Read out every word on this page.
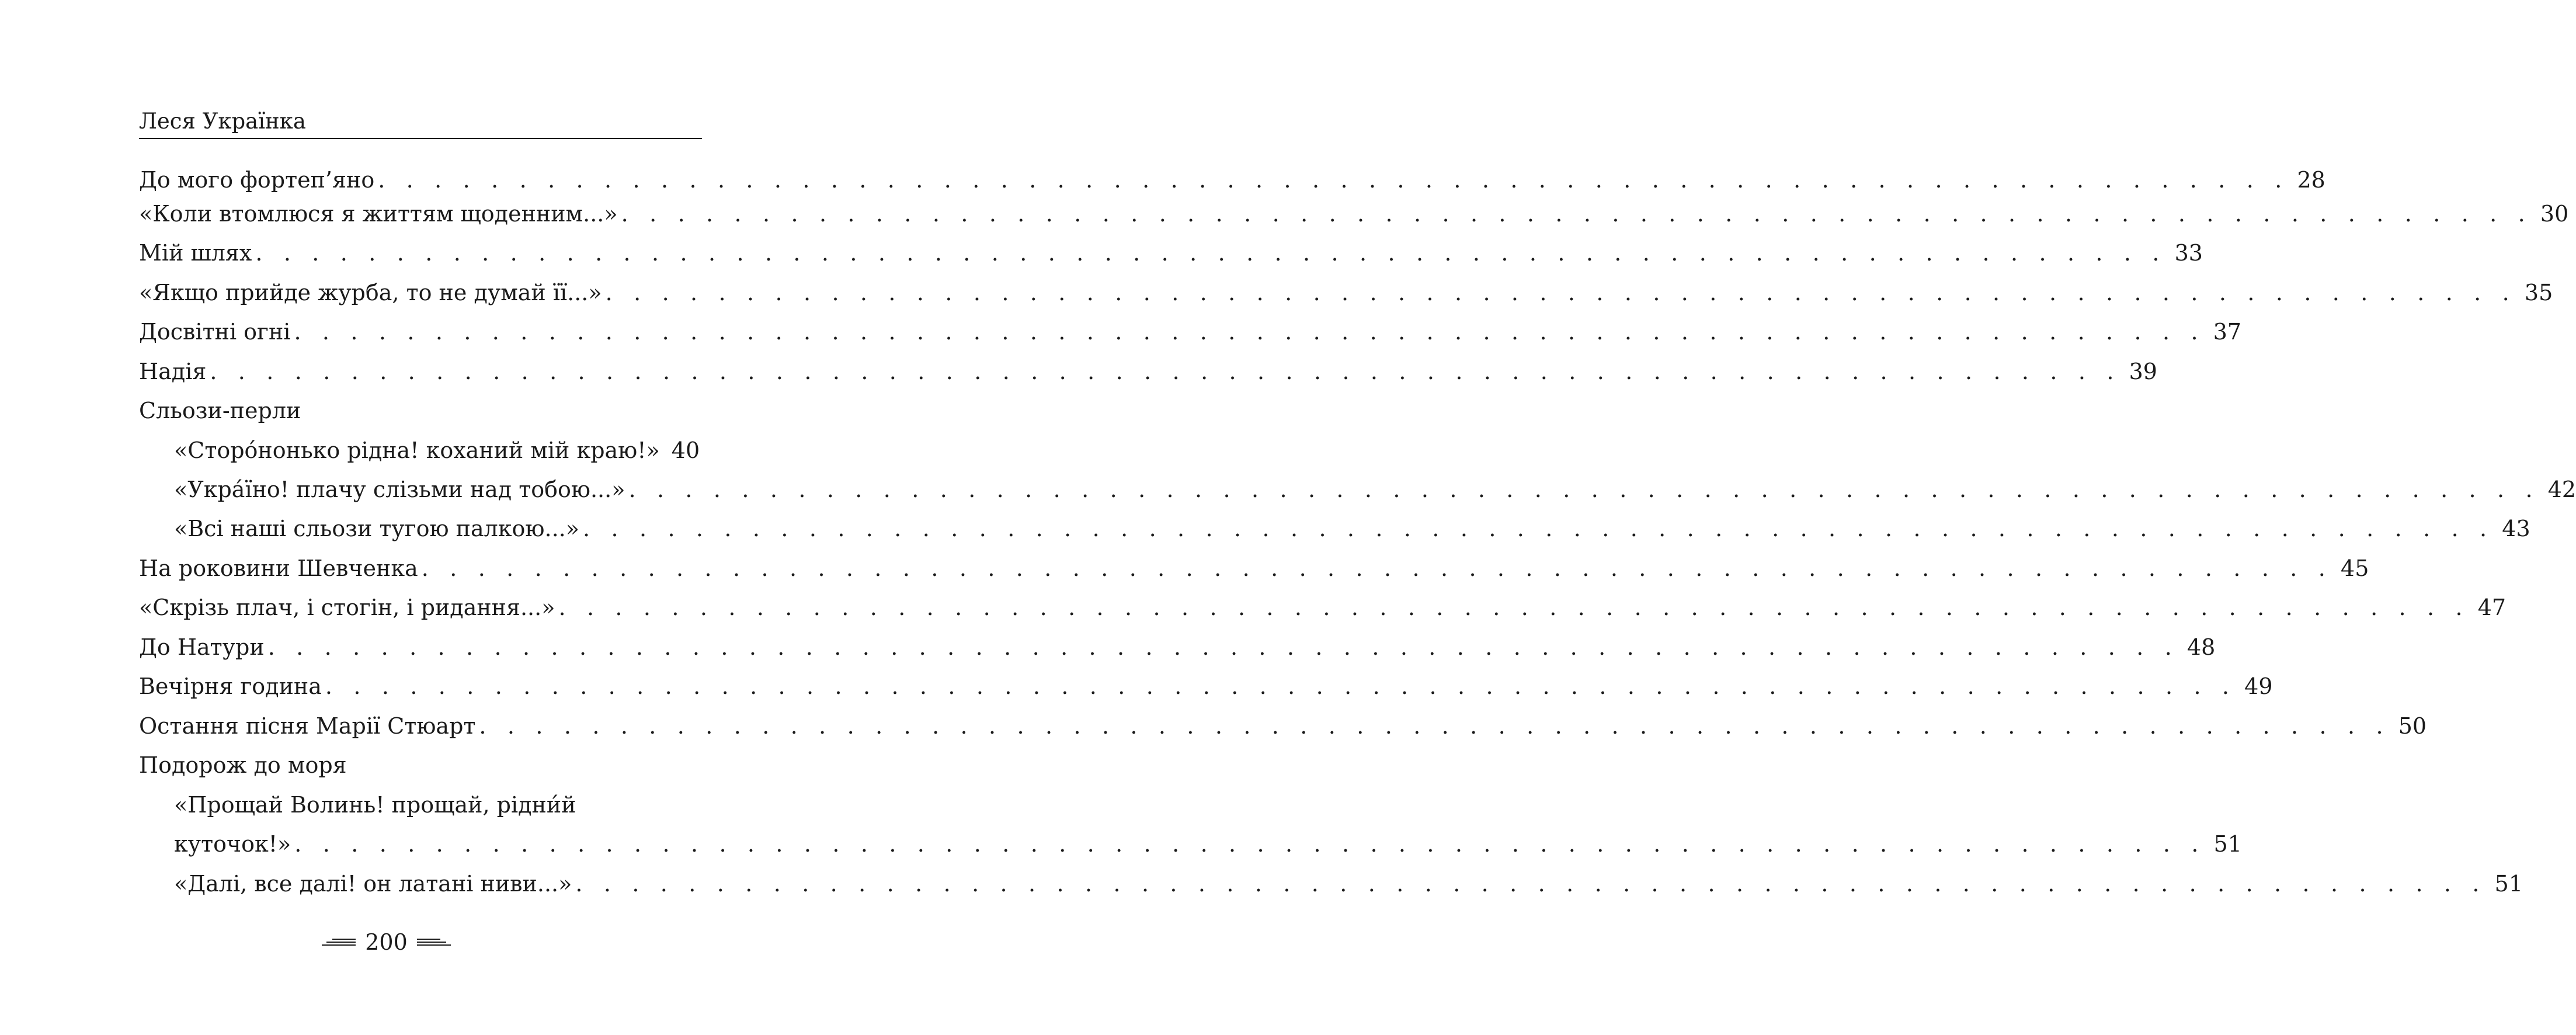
Леся Українка
До мого фортеп’яно . . . . . . . . . . . . . . . . . . . . . . . . . . . . . . . . . . . . . . . . . . . . . . . . . . . . . . . . . . . . . . . . . . . . 28
«Коли втомлюся я життям щоденним...» . . . . . . . . . . . . . . . . . . . . . . . . . . . . . . . . . . . . . . . . . . . . . . . . . . . . . . . . . . . . . . . . . . . . 30
Мій шлях . . . . . . . . . . . . . . . . . . . . . . . . . . . . . . . . . . . . . . . . . . . . . . . . . . . . . . . . . . . . . . . . . . . . 33
«Якщо прийде журба, то не думай її...» . . . . . . . . . . . . . . . . . . . . . . . . . . . . . . . . . . . . . . . . . . . . . . . . . . . . . . . . . . . . . . . . . . . . 35
Досвітні огні . . . . . . . . . . . . . . . . . . . . . . . . . . . . . . . . . . . . . . . . . . . . . . . . . . . . . . . . . . . . . . . . . . . . 37
Надія . . . . . . . . . . . . . . . . . . . . . . . . . . . . . . . . . . . . . . . . . . . . . . . . . . . . . . . . . . . . . . . . . . . . 39
Сльози-перли
«Сторо́нонько рідна! коханий мій краю!» 40
«Укра́їно! плачу слізьми над тобою...» . . . . . . . . . . . . . . . . . . . . . . . . . . . . . . . . . . . . . . . . . . . . . . . . . . . . . . . . . . . . . . . . . . . . 42
«Всі наші сльози тугою палкою...» . . . . . . . . . . . . . . . . . . . . . . . . . . . . . . . . . . . . . . . . . . . . . . . . . . . . . . . . . . . . . . . . . . . . 43
На роковини Шевченка . . . . . . . . . . . . . . . . . . . . . . . . . . . . . . . . . . . . . . . . . . . . . . . . . . . . . . . . . . . . . . . . . . . . 45
«Скрізь плач, і стогін, і ридання...» . . . . . . . . . . . . . . . . . . . . . . . . . . . . . . . . . . . . . . . . . . . . . . . . . . . . . . . . . . . . . . . . . . . . 47
До Натури . . . . . . . . . . . . . . . . . . . . . . . . . . . . . . . . . . . . . . . . . . . . . . . . . . . . . . . . . . . . . . . . . . . . 48
Вечірня година . . . . . . . . . . . . . . . . . . . . . . . . . . . . . . . . . . . . . . . . . . . . . . . . . . . . . . . . . . . . . . . . . . . . 49
Остання пісня Марії Стюарт . . . . . . . . . . . . . . . . . . . . . . . . . . . . . . . . . . . . . . . . . . . . . . . . . . . . . . . . . . . . . . . . . . . . 50
Подорож до моря
«Прощай Волинь! прощай, рідни́й
куточок!» . . . . . . . . . . . . . . . . . . . . . . . . . . . . . . . . . . . . . . . . . . . . . . . . . . . . . . . . . . . . . . . . . . . . 51
«Далі, все далі! он латані ниви...» . . . . . . . . . . . . . . . . . . . . . . . . . . . . . . . . . . . . . . . . . . . . . . . . . . . . . . . . . . . . . . . . . . . . 51
200
